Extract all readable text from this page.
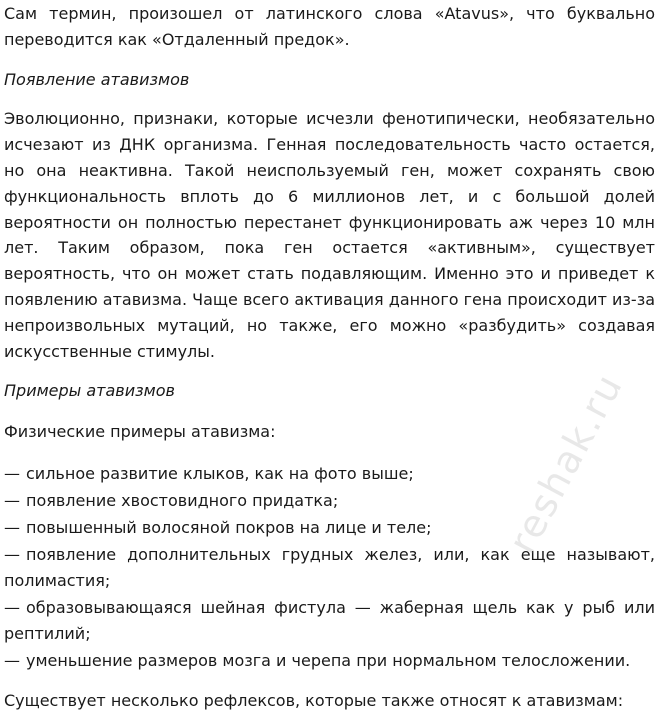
Сам термин, произошел от латинского слова «Atavus», что буквально переводится как «Отдаленный предок».

Появление атавизмов

Эволюционно, признаки, которые исчезли фенотипически, необязательно исчезают из ДНК организма. Генная последовательность часто остается, но она неактивна. Такой неиспользуемый ген, может сохранять свою функциональность вплоть до 6 миллионов лет, и с большой долей вероятности он полностью перестанет функционировать аж через 10 млн лет. Таким образом, пока ген остается «активным», существует вероятность, что он может стать подавляющим. Именно это и приведет к появлению атавизма. Чаще всего активация данного гена происходит из-за непроизвольных мутаций, но также, его можно «разбудить» создавая искусственные стимулы.

Примеры атавизмов

Физические примеры атавизма:

— сильное развитие клыков, как на фото выше;
— появление хвостовидного придатка;
— повышенный волосяной покров на лице и теле;
— появление дополнительных грудных желез, или, как еще называют, полимастия;
— образовывающаяся шейная фистула — жаберная щель как у рыб или рептилий;
— уменьшение размеров мозга и черепа при нормальном телосложении.

Существует несколько рефлексов, которые также относят к атавизмам:

reshak.ru
